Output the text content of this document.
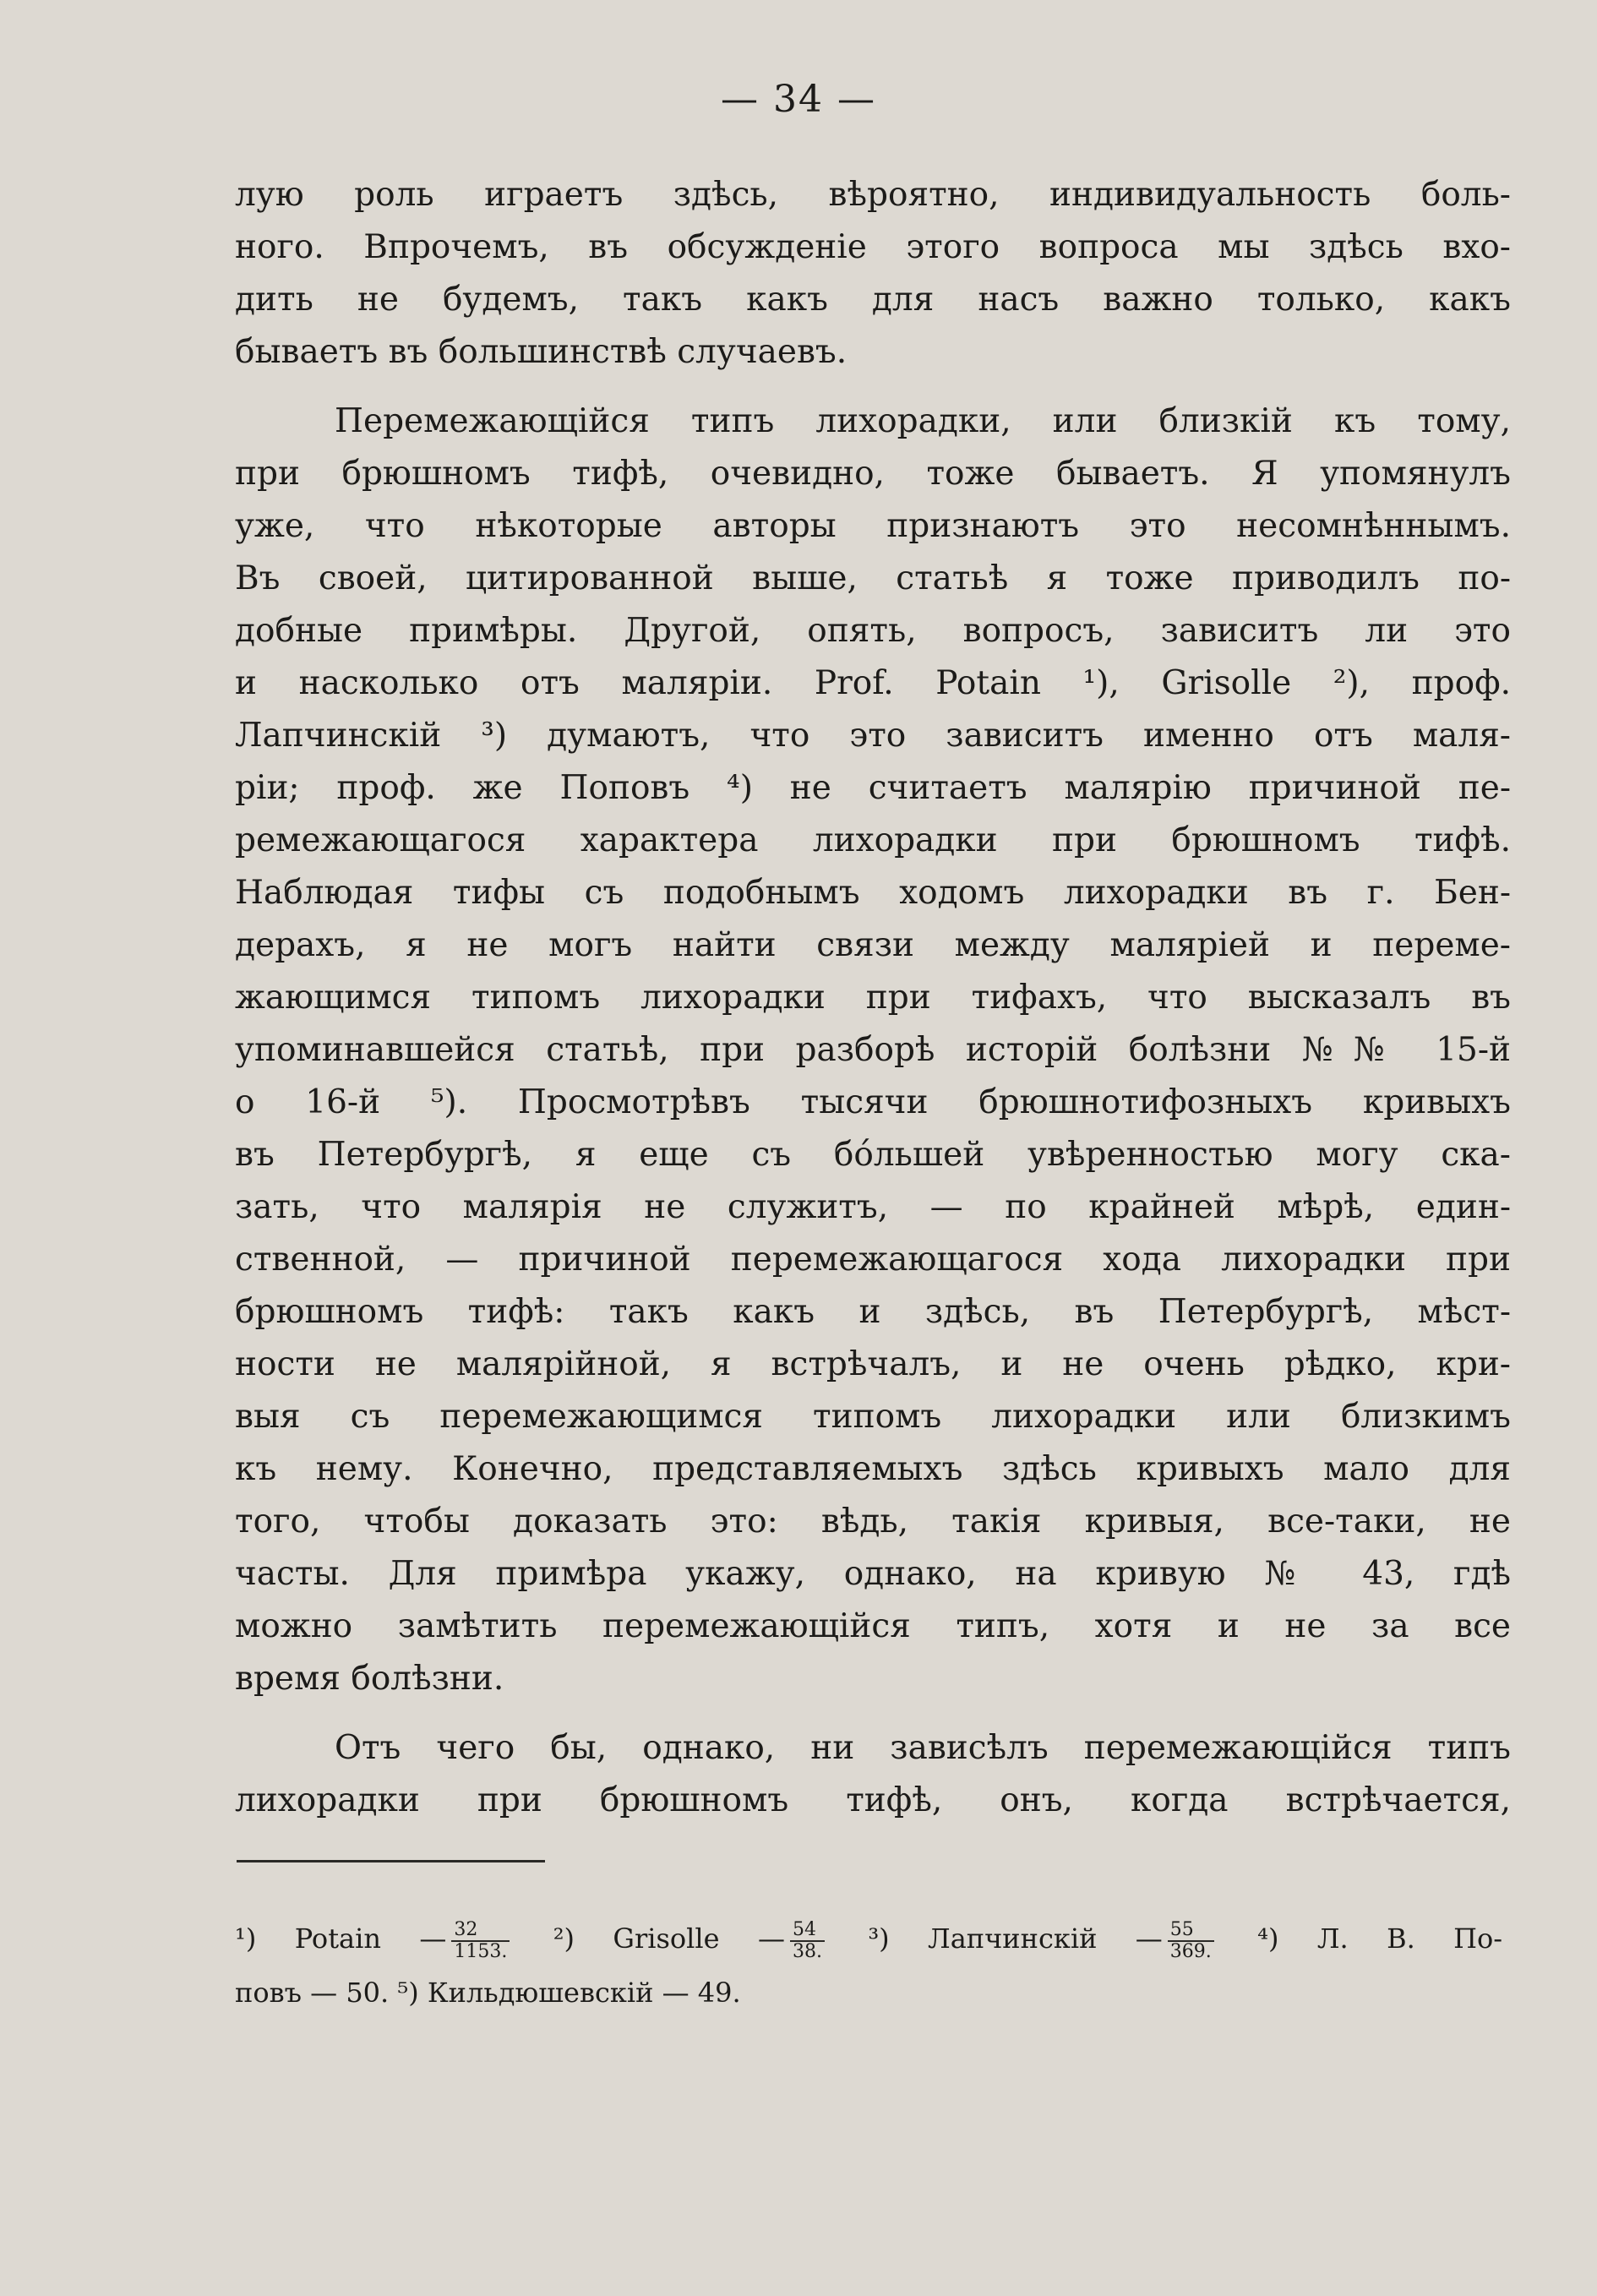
— 34 —
лую роль играетъ здѣсь, вѣроятно, индивидуальность боль-
ного. Впрочемъ, въ обсужденіе этого вопроса мы здѣсь вхо-
дить не будемъ, такъ какъ для насъ важно только, какъ
бываетъ въ большинствѣ случаевъ.
Перемежающійся типъ лихорадки, или близкій къ тому,
при брюшномъ тифѣ, очевидно, тоже бываетъ. Я упомянулъ
уже, что нѣкоторые авторы признаютъ это несомнѣннымъ.
Въ своей, цитированной выше, статьѣ я тоже приводилъ по-
добные примѣры. Другой, опять, вопросъ, зависитъ ли это
и насколько отъ маляріи. Prof. Potain ¹), Grisolle ²), проф.
Лапчинскій ³) думаютъ, что это зависитъ именно отъ маля-
ріи; проф. же Поповъ ⁴) не считаетъ малярію причиной пе-
ремежающагося характера лихорадки при брюшномъ тифѣ.
Наблюдая тифы съ подобнымъ ходомъ лихорадки въ г. Бен-
дерахъ, я не могъ найти связи между маляріей и переме-
жающимся типомъ лихорадки при тифахъ, что высказалъ въ
упоминавшейся статьѣ, при разборѣ исторій болѣзни №№ 15-й
о 16-й ⁵). Просмотрѣвъ тысячи брюшнотифозныхъ кривыхъ
въ Петербургѣ, я еще съ бо́льшей увѣренностью могу ска-
зать, что малярія не служитъ, — по крайней мѣрѣ, един-
ственной, — причиной перемежающагося хода лихорадки при
брюшномъ тифѣ: такъ какъ и здѣсь, въ Петербургѣ, мѣст-
ности не малярійной, я встрѣчалъ, и не очень рѣдко, кри-
выя съ перемежающимся типомъ лихорадки или близкимъ
къ нему. Конечно, представляемыхъ здѣсь кривыхъ мало для
того, чтобы доказать это: вѣдь, такія кривыя, все-таки, не
часты. Для примѣра укажу, однако, на кривую № 43, гдѣ
можно замѣтить перемежающійся типъ, хотя и не за все
время болѣзни.
Отъ чего бы, однако, ни зависѣлъ перемежающійся типъ
лихорадки при брюшномъ тифѣ, онъ, когда встрѣчается,
¹) Potain — $\frac{32}{1153.} ^2$) Grisolle — $\frac{54}{38.} ^3$) Лапчинскій — $\frac{55}{369.} ^4$) Л. В. По-
повъ — 50. ⁵) Кильдюшевскій — 49.
